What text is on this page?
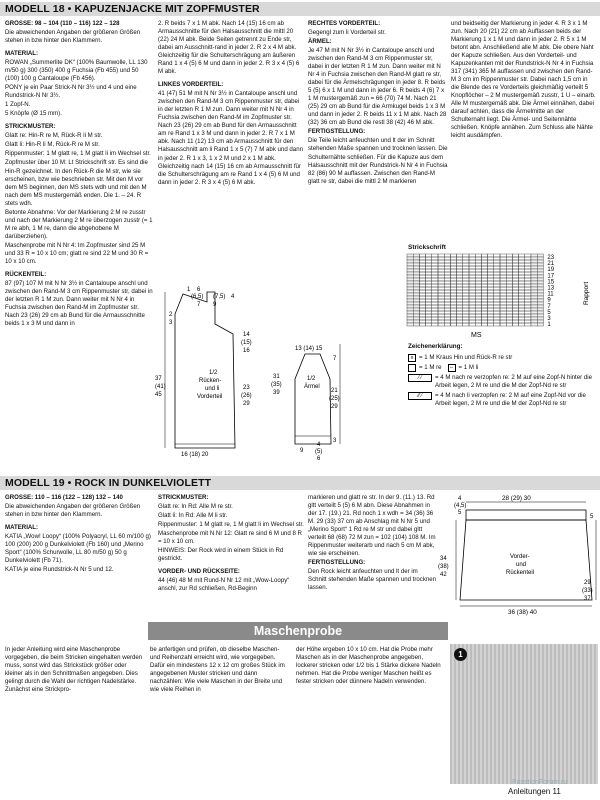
MODELL 18 • KAPUZENJACKE MIT ZOPFMUSTER

GRÖSSE: 98 – 104 (110 – 116) 122 – 128

Die abweichenden Angaben der größeren Größen stehen in bzw hinter den Klammern.

MATERIAL:

ROWAN „Summerlite DK“ (100% Baumwolle, LL 130 m/50 g) 300 (350) 400 g Fuchsia (Fb 455) und 50 (100) 100 g Cantaloupe (Fb 456).

PONY je ein Paar Strick-N Nr 3½ und 4 und eine Rundstrick-N Nr 3½.

1 Zopf-N.

5 Knöpfe (Ø 15 mm).

STRICKMUSTER:

Glatt re: Hin-R re M, Rück-R li M str.

Glatt li: Hin-R li M, Rück-R re M str.

Rippenmuster: 1 M glatt re, 1 M glatt li im Wechsel str.

Zopfmuster über 10 M: Lt Strickschrift str. Es sind die Hin-R gezeichnet. In den Rück-R die M str, wie sie erscheinen, bzw wie beschrieben str. Mit den M vor dem MS beginnen, den MS stets wdh und mit den M nach dem MS mustergemäß enden. Die 1. – 24. R stets wdh.

Betonte Abnahme: Vor der Markierung 2 M re zusstr und nach der Markierung 2 M re überzogen zusstr (= 1 M re abh, 1 M re, dann die abgehobene M darüberziehen).

Maschenprobe mit N Nr 4: Im Zopfmuster sind 25 M und 33 R = 10 x 10 cm; glatt re sind 22 M und 30 R = 10 x 10 cm.

RÜCKENTEIL:

87 (97) 107 M mit N Nr 3½ in Cantaloupe anschl und zwischen den Rand-M 3 cm Rippenmuster str, dabei in der letzten R 1 M zun. Dann weiter mit N Nr 4 in Fuchsia zwischen den Rand-M im Zopfmuster str. Nach 23 (26) 29 cm ab Bund für die Armausschnitte beids 1 x 3 M und dann in

2. R beids 7 x 1 M abk. Nach 14 (15) 16 cm ab Armausschnitte für den Halsausschnitt die mittl 20 (22) 24 M abk. Beide Seiten getrennt zu Ende str, dabei am Ausschnitt-rand in jeder 2. R 2 x 4 M abk. Gleichzeitig für die Schulterschrägung am äußeren Rand 1 x 4 (5) 6 M und dann in jeder 2. R 3 x 4 (5) 6 M abk.

LINKES VORDERTEIL:

41 (47) 51 M mit N Nr 3½ in Cantaloupe anschl und zwischen den Rand-M 3 cm Rippenmuster str, dabei in der letzten R 1 M zun. Dann weiter mit N Nr 4 in Fuchsia zwischen den Rand-M im Zopfmuster str. Nach 23 (26) 29 cm ab Bund für den Armausschnitt am re Rand 1 x 3 M und dann in jeder 2. R 7 x 1 M abk. Nach 11 (12) 13 cm ab Armausschnitt für den Halsausschnitt am li Rand 1 x 5 (7) 7 M abk und dann in jeder 2. R 1 x 3, 1 x 2 M und 2 x 1 M abk. Gleichzeitig nach 14 (15) 16 cm ab Armausschnitt für die Schulterschrägung am re Rand 1 x 4 (5) 6 M und dann in jeder 2. R 3 x 4 (5) 6 M abk.

RECHTES VORDERTEIL:

Gegengl zum li Vorderteil str.

ÄRMEL:

Je 47 M mit N Nr 3½ in Cantaloupe anschl und zwischen den Rand-M 3 cm Rippenmuster str, dabei in der letzten R 1 M zun. Dann weiter mit N Nr 4 in Fuchsia zwischen den Rand-M glatt re str, dabei für die Ärmelschrägungen in jeder 8. R beids 5 (5) 6 x 1 M und dann in jeder 6. R beids 4 (6) 7 x 1 M mustergemäß zun = 66 (70) 74 M. Nach 21 (25) 29 cm ab Bund für die Armkugel beids 1 x 3 M und dann in jeder 2. R beids 11 x 1 M abk. Nach 28 (32) 36 cm ab Bund die restl 38 (42) 46 M abk.

FERTIGSTELLUNG:

Die Teile leicht anfeuchten und lt der im Schnitt stehenden Maße spannen und trocknen lassen. Die Schulternähte schließen. Für die Kapuze aus dem Halsausschnitt mit der Rundstrick-N Nr 4 in Fuchsia 82 (86) 90 M auffassen. Zwischen den Rand-M glatt re str, dabei die mittl 2 M markieren

und beidseitig der Markierung in jeder 4. R 3 x 1 M zun. Nach 20 (21) 22 cm ab Auffassen beids der Markierung 1 x 1 M und dann in jeder 2. R 5 x 1 M betont abn. Anschließend alle M abk. Die obere Naht der Kapuze schließen. Aus den Vorderteil- und Kapuzenkanten mit der Rundstrick-N Nr 4 in Fuchsia 317 (341) 365 M auffassen und zwischen den Rand-M 3 cm im Rippenmuster str. Dabei nach 1,5 cm in die Blende des re Vorderteils gleichmäßig verteilt 5 Knopflöcher – 2 M mustergemäß zusstr, 1 U – einarb. Alle M mustergemäß abk. Die Ärmel einnähen, dabei darauf achten, dass die Ärmelmitte an der Schulternaht liegt. Die Ärmel- und Seitennähte schließen. Knöpfe annähen. Zum Schluss alle Nähte leicht ausdämpfen.

1 6
(6,5) (7,5) 4
7 9
2
3
14
(15)
16
37
(41)
45
1/2
Rücken-
und li
Vorderteil
23
(26)
29
31
(35)
39
16 (18) 20
13 (14) 15
1/2
Ärmel
7
21
(25)
29
3
9
4
(5)
6
Strickschrift
23
21
19
17
15
13
11
9
7
5
3
1
Rapport
MS

Zeichenerklärung:

x = 1 M Kraus Hin und Rück-R re str
= 1 M re	– = 1 M li
⁄ ⁄	= 4 M nach re verzopfen re: 2 M auf eine Zopf-N hinter die Arbeit legen, 2 M re und die M der Zopf-Nd re str
⁄⁄ ⁄	= 4 M nach li verzopfen re: 2 M auf eine Zopf-Nd vor die Arbeit legen, 2 M re und die M der Zopf-Nd re str
MODELL 19 • ROCK IN DUNKELVIOLETT

GRÖSSE: 110 – 116 (122 – 128) 132 – 140

Die abweichenden Angaben der größeren Größen stehen in bzw hinter den Klammern.

MATERIAL:

KATIA „Wow! Loopy“ (100% Polyacryl, LL 60 m/100 g) 100 (200) 200 g Dunkelviolett (Fb 160) und „Merino Sport“ (100% Schurwolle, LL 80 m/50 g) 50 g Dunkelviolett (Fb 71).

KATIA je eine Rundstrick-N Nr 5 und 12.

STRICKMUSTER:

Glatt re: In Rd: Alle M re str.

Glatt li: In Rd: Alle M li str.

Rippenmuster: 1 M glatt re, 1 M glatt li im Wechsel str.

Maschenprobe mit N Nr 12: Glatt re sind 6 M und 8 R = 10 x 10 cm.

HINWEIS: Der Rock wird in einem Stück in Rd gestrickt.

VORDER- UND RÜCKSEITE:

44 (46) 48 M mit Rund-N Nr 12 mit „Wow-Loopy“ anschl, zur Rd schließen, Rd-Beginn

markieren und glatt re str. In der 9. (11.) 13. Rd gltt verteilt 5 (5) 6 M abn. Diese Abnahmen in der 17. (19.) 21. Rd noch 1 x wdh = 34 (36) 36 M. 29 (33) 37 cm ab Anschlag mit N Nr 5 und „Merino Sport“ 1 Rd re M str und dabei gltt verteilt 68 (68) 72 M zun = 102 (104) 108 M. Im Rippenmuster weiterarb und nach 5 cm M abk, wie sie erscheinen.

FERTIGSTELLUNG:

Den Rock leicht anfeuchten und lt der im Schnitt stehenden Maße spannen und trocknen lassen.

28 (29) 30
4
(4,5)
5
5
34
(38)
42
29
(33)
37
Vorder-
und
Rückenteil
36 (38) 40
Maschenprobe

In jeder Anleitung wird eine Maschenprobe vorgegeben, die beim Stricken eingehalten werden muss, sonst wird das Strickstück größer oder kleiner als in den Schnittmaßen angegeben. Dies gelingt durch die Wahl der richtigen Nadelstärke. Zunächst eine Strickpro-

be anfertigen und prüfen, ob dieselbe Maschen- und Reihenzahl erreicht wird, wie vorgegeben. Dafür ein mindestens 12 x 12 cm großes Stück im angegebenen Muster stricken und dann nachzählen: Wie viele Maschen in der Breite und wie viele Reihen in

der Höhe ergeben 10 x 10 cm. Hat die Probe mehr Maschen als in der Maschenprobe angegeben, lockerer stricken oder 1/2 bis 1 Stärke dickere Nadeln nehmen. Hat die Probe weniger Maschen heißt es fester stricken oder dünnere Nadeln verwenden.

1
PasstionForum.ru
Anleitungen 11
